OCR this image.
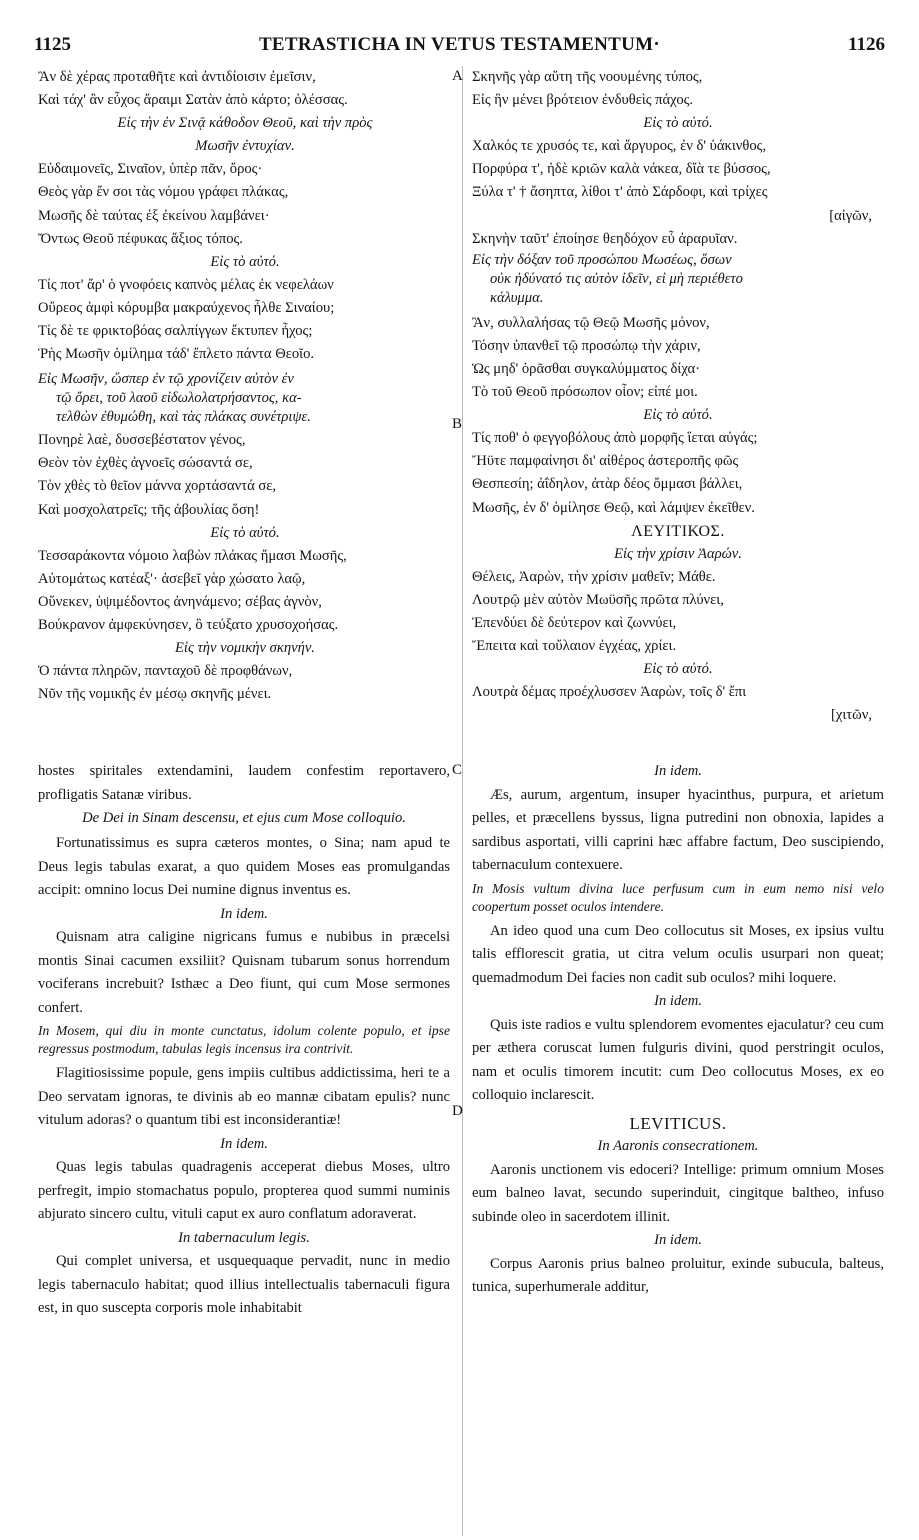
1125	TETRASTICHA IN VETUS TESTAMENTUM·	1126
A
B
C
D
Ἂν δὲ χέρας προταθῆτε καὶ ἀντιδίοισιν ἐμεῖσιν,
Καὶ τάχ' ἂν εὖχος ἄραιμι Σατὰν ἀπὸ κάρτο; ὀλέσσας.
Εἰς τὴν ἐν Σινᾷ κάθοδον Θεοῦ, καὶ τὴν πρὸς
Μωσῆν ἐντυχίαν.
Εὐδαιμονεῖς, Σιναῖον, ὑπὲρ πᾶν, ὄρος·
Θεὸς γὰρ ἔν σοι τὰς νόμου γράφει πλάκας,
Μωσῆς δὲ ταύτας ἐξ ἐκείνου λαμβάνει·
Ὄντως Θεοῦ πέφυκας ἄξιος τόπος.
Εἰς τὸ αὐτό.
Τίς ποτ' ἄρ' ὁ γνοφόεις καπνὸς μέλας ἐκ νεφελάων
Οὔρεος ἀμφὶ κόρυμβα μακραύχενος ἦλθε Σιναίου;
Τίς δὲ τε φρικτοβόας σαλπίγγων ἔκτυπεν ἦχος;
Ῥὴς Μωσῆν ὁμίλημα τάδ' ἔπλετο πάντα Θεοῖο.
Εἰς Μωσῆν, ὥσπερ ἐν τῷ χρονίζειν αὐτὸν ἐν
τῷ ὄρει, τοῦ λαοῦ εἰδωλολατρήσαντος, κα-
τελθὼν ἐθυμώθη, καὶ τὰς πλάκας συνέτριψε.
Πονηρὲ λαὲ, δυσσεβέστατον γένος,
Θεὸν τὸν ἐχθὲς ἀγνοεῖς σώσαντά σε,
Τὸν χθὲς τὸ θεῖον μάννα χορτάσαντά σε,
Καὶ μοσχολατρεῖς; τῆς ἀβουλίας ὅση!
Εἰς τὸ αὐτό.
Τεσσαράκοντα νόμοιο λαβὼν πλάκας ἤμασι Μωσῆς,
Αὐτομάτως κατέαξ'· ἀσεβεῖ γὰρ χώσατο λαῷ,
Οὕνεκεν, ὑψιμέδοντος ἀνηνάμενο; σέβας ἁγνὸν,
Βούκρανον ἀμφεκύνησεν, ὃ τεύξατο χρυσοχοήσας.
Εἰς τὴν νομικὴν σκηνήν.
Ὁ πάντα πληρῶν, πανταχοῦ δὲ προφθάνων,
Νῦν τῆς νομικῆς ἐν μέσῳ σκηνῆς μένει.
Σκηνῆς γὰρ αὕτη τῆς νοουμένης τύπος,
Εἰς ἣν μένει βρότειον ἐνδυθεὶς πάχος.
Εἰς τὸ αὐτό.
Χαλκός τε χρυσός τε, καὶ ἄργυρος, ἐν δ' ὑάκινθος,
Πορφύρα τ', ἠδὲ κριῶν καλὰ νάκεα, δἴὰ τε βύσσος,
Ξύλα τ' † ἄσηπτα, λίθοι τ' ἀπὸ Σάρδοφι, καὶ τρίχες
[αἰγῶν,
Σκηνὴν ταῦτ' ἐποίησε θεηδόχον εὖ ἀραρυῖαν.
Εἰς τὴν δόξαν τοῦ προσώπου Μωσέως, ὅσων
οὐκ ἠδύνατό τις αὐτὸν ἰδεῖν, εἰ μὴ περιέθετο
κάλυμμα.
Ἂν, συλλαλήσας τῷ Θεῷ Μωσῆς μόνον,
Τόσην ὑπανθεῖ τῷ προσώπῳ τὴν χάριν,
Ὡς μηδ' ὁρᾶσθαι συγκαλύμματος δίχα·
Τὸ τοῦ Θεοῦ πρόσωπον οἷον; εἰπέ μοι.
Εἰς τὸ αὐτό.
Τίς ποθ' ὁ φεγγοβόλους ἀπὸ μορφῆς ἵεται αὐγάς;
Ἤϋτε παμφαίνησι δι' αἰθέρος ἀστεροπῆς φῶς
Θεσπεσίη; ἀΐδηλον, ἀτὰρ δέος ὄμμασι βάλλει,
Μωσῆς, ἐν δ' ὁμίλησε Θεῷ, καὶ λάμψεν ἐκεῖθεν.
ΛΕΥΙΤΙΚΟΣ.
Εἰς τὴν χρίσιν Ἀαρών.
Θέλεις, Ἀαρὼν, τὴν χρίσιν μαθεῖν; Μάθε.
Λουτρῷ μὲν αὐτὸν Μωϋσῆς πρῶτα πλύνει,
Ἐπενδύει δὲ δεύτερον καὶ ζωννύει,
Ἔπειτα καὶ τοὔλαιον ἐγχέας, χρίει.
Εἰς τὸ αὐτό.
Λουτρὰ δέμας προέχλυσσεν Ἀαρὼν, τοῖς δ' ἔπι
[χιτῶν,

hostes spiritales extendamini, laudem confestim reportavero, profligatis Satanæ viribus.

De Dei in Sinam descensu, et ejus cum Mose colloquio.

Fortunatissimus es supra cæteros montes, o Sina; nam apud te Deus legis tabulas exarat, a quo quidem Moses eas promulgandas accipit: omnino locus Dei numine dignus inventus es.

In idem.

Quisnam atra caligine nigricans fumus e nubibus in præcelsi montis Sinai cacumen exsiliit? Quisnam tubarum sonus horrendum vociferans increbuit? Isthæc a Deo fiunt, qui cum Mose sermones confert.

In Mosem, qui diu in monte cunctatus, idolum colente populo, et ipse regressus postmodum, tabulas legis incensus ira contrivit.

Flagitiosissime popule, gens impiis cultibus addictissima, heri te a Deo servatam ignoras, te divinis ab eo mannæ cibatam epulis? nunc vitulum adoras? o quantum tibi est inconsiderantiæ!

In idem.

Quas legis tabulas quadragenis acceperat diebus Moses, ultro perfregit, impio stomachatus populo, propterea quod summi numinis abjurato sincero cultu, vituli caput ex auro conflatum adoraverat.

In tabernaculum legis.

Qui complet universa, et usquequaque pervadit, nunc in medio legis tabernaculo habitat; quod illius intellectualis tabernaculi figura est, in quo suscepta corporis mole inhabitabit

In idem.

Æs, aurum, argentum, insuper hyacinthus, purpura, et arietum pelles, et præcellens byssus, ligna putredini non obnoxia, lapides a sardibus asportati, villi caprini hæc affabre factum, Deo suscipiendo, tabernaculum contexuere.

In Mosis vultum divina luce perfusum cum in eum nemo nisi velo coopertum posset oculos intendere.

An ideo quod una cum Deo collocutus sit Moses, ex ipsius vultu talis efflorescit gratia, ut citra velum oculis usurpari non queat; quemadmodum Dei facies non cadit sub oculos? mihi loquere.

In idem.

Quis iste radios e vultu splendorem evomentes ejaculatur? ceu cum per æthera coruscat lumen fulguris divini, quod perstringit oculos, nam et oculis timorem incutit: cum Deo collocutus Moses, ex eo colloquio inclarescit.

LEVITICUS.

In Aaronis consecrationem.

Aaronis unctionem vis edoceri? Intellige: primum omnium Moses eum balneo lavat, secundo superinduit, cingitque baltheo, infuso subinde oleo in sacerdotem illinit.

In idem.

Corpus Aaronis prius balneo proluitur, exinde subucula, balteus, tunica, superhumerale additur,
